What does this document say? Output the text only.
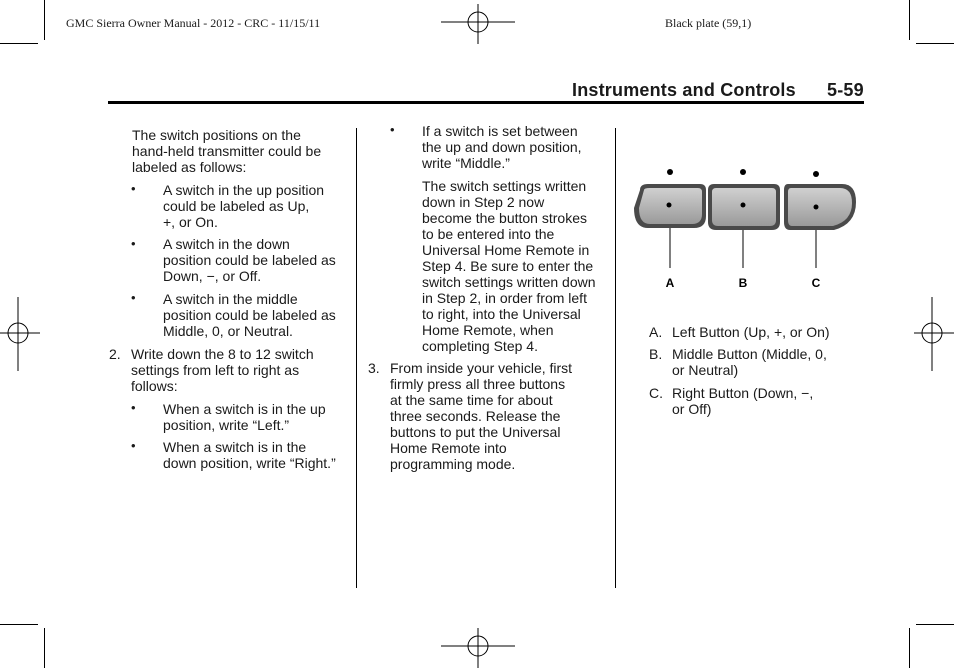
GMC Sierra Owner Manual - 2012 - CRC - 11/15/11	Black plate (59,1)
Instruments and Controls 5-59
The switch positions on the
hand-held transmitter could be
labeled as follows:
• A switch in the up position
could be labeled as Up,
+, or On.
• A switch in the down
position could be labeled as
Down, −, or Off.
• A switch in the middle
position could be labeled as
Middle, 0, or Neutral.
2. Write down the 8 to 12 switch
settings from left to right as
follows:
• When a switch is in the up
position, write “Left.”
• When a switch is in the
down position, write “Right.”
• If a switch is set between
the up and down position,
write “Middle.”
The switch settings written
down in Step 2 now
become the button strokes
to be entered into the
Universal Home Remote in
Step 4. Be sure to enter the
switch settings written down
in Step 2, in order from left
to right, into the Universal
Home Remote, when
completing Step 4.
3. From inside your vehicle, first
firmly press all three buttons
at the same time for about
three seconds. Release the
buttons to put the Universal
Home Remote into
programming mode.
A	B	C
A. Left Button (Up, +, or On)
B. Middle Button (Middle, 0,
or Neutral)
C. Right Button (Down, −,
or Off)
